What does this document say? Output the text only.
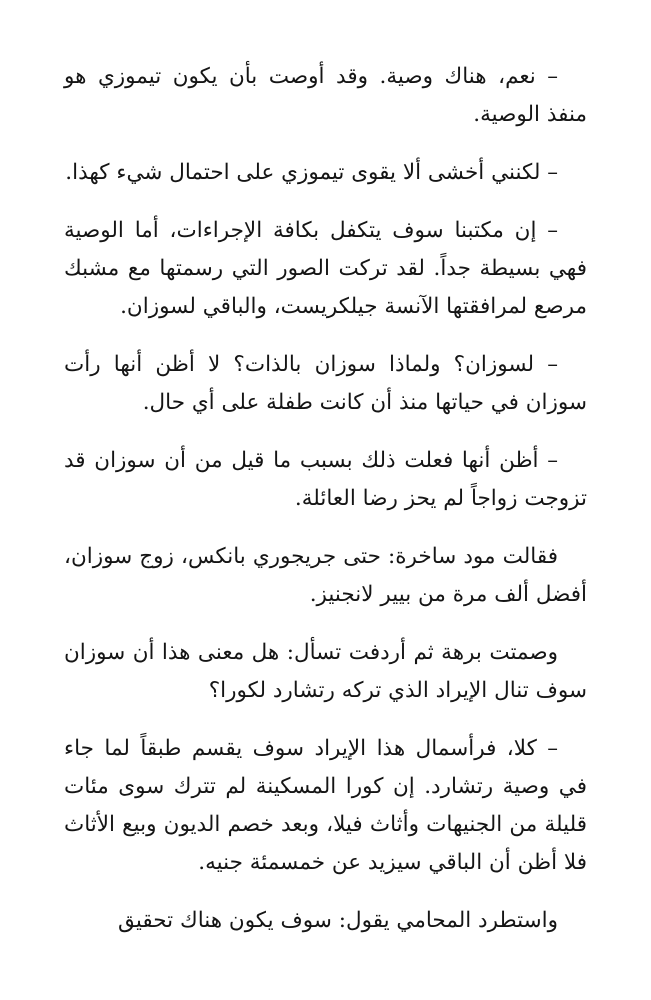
– نعم، هناك وصية. وقد أوصت بأن يكون تيموزي هو منفذ الوصية.

– لكنني أخشى ألا يقوى تيموزي على احتمال شيء كهذا.

– إن مكتبنا سوف يتكفل بكافة الإجراءات، أما الوصية فهي بسيطة جداً. لقد تركت الصور التي رسمتها مع مشبك مرصع لمرافقتها الآنسة جيلكريست، والباقي لسوزان.

– لسوزان؟ ولماذا سوزان بالذات؟ لا أظن أنها رأت سوزان في حياتها منذ أن كانت طفلة على أي حال.

– أظن أنها فعلت ذلك بسبب ما قيل من أن سوزان قد تزوجت زواجاً لم يحز رضا العائلة.

فقالت مود ساخرة: حتى جريجوري بانكس، زوج سوزان، أفضل ألف مرة من بيير لانجنيز.

وصمتت برهة ثم أردفت تسأل: هل معنى هذا أن سوزان سوف تنال الإيراد الذي تركه رتشارد لكورا؟

– كلا، فرأسمال هذا الإيراد سوف يقسم طبقاً لما جاء في وصية رتشارد. إن كورا المسكينة لم تترك سوى مئات قليلة من الجنيهات وأثاث فيلا، وبعد خصم الديون وبيع الأثاث فلا أظن أن الباقي سيزيد عن خمسمئة جنيه.

واستطرد المحامي يقول: سوف يكون هناك تحقيق
